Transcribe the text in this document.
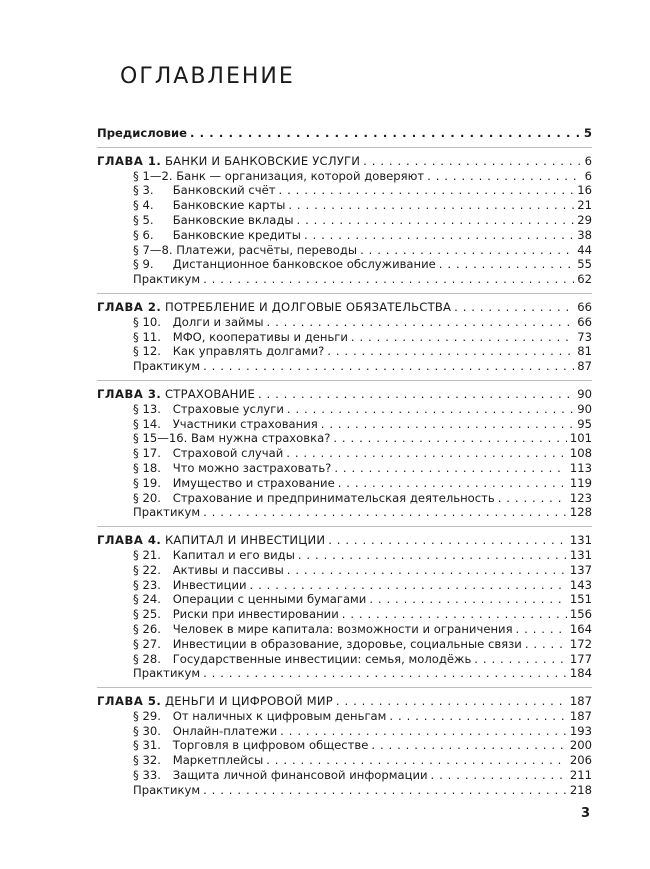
ОГЛАВЛЕНИЕ
Предисловие . . .	5
ГЛАВА 1. БАНКИ И БАНКОВСКИЕ УСЛУГИ . . .	6
§ 1—2. Банк — организация, которой доверяют . . .	6
§ 3. Банковский счёт . . .	16
§ 4. Банковские карты . . .	21
§ 5. Банковские вклады . . .	29
§ 6. Банковские кредиты . . .	38
§ 7—8. Платежи, расчёты, переводы . . .	44
§ 9. Дистанционное банковское обслуживание . . .	55
Практикум . . .	62
ГЛАВА 2. ПОТРЕБЛЕНИЕ И ДОЛГОВЫЕ ОБЯЗАТЕЛЬСТВА . . .	66
§ 10. Долги и займы . . .	66
§ 11. МФО, кооперативы и деньги . . .	73
§ 12. Как управлять долгами? . . .	81
Практикум . . .	87
ГЛАВА 3. СТРАХОВАНИЕ . . .	90
§ 13. Страховые услуги . . .	90
§ 14. Участники страхования . . .	95
§ 15—16. Вам нужна страховка? . . .	101
§ 17. Страховой случай . . .	108
§ 18. Что можно застраховать? . . .	113
§ 19. Имущество и страхование . . .	119
§ 20. Страхование и предпринимательская деятельность . . .	123
Практикум . . .	128
ГЛАВА 4. КАПИТАЛ И ИНВЕСТИЦИИ . . .	131
§ 21. Капитал и его виды . . .	131
§ 22. Активы и пассивы . . .	137
§ 23. Инвестиции . . .	143
§ 24. Операции с ценными бумагами . . .	151
§ 25. Риски при инвестировании . . .	156
§ 26. Человек в мире капитала: возможности и ограничения . . .	164
§ 27. Инвестиции в образование, здоровье, социальные связи . . .	172
§ 28. Государственные инвестиции: семья, молодёжь . . .	177
Практикум . . .	184
ГЛАВА 5. ДЕНЬГИ И ЦИФРОВОЙ МИР . . .	187
§ 29. От наличных к цифровым деньгам . . .	187
§ 30. Онлайн-платежи . . .	193
§ 31. Торговля в цифровом обществе . . .	200
§ 32. Маркетплейсы . . .	206
§ 33. Защита личной финансовой информации . . .	211
Практикум . . .	218
3
